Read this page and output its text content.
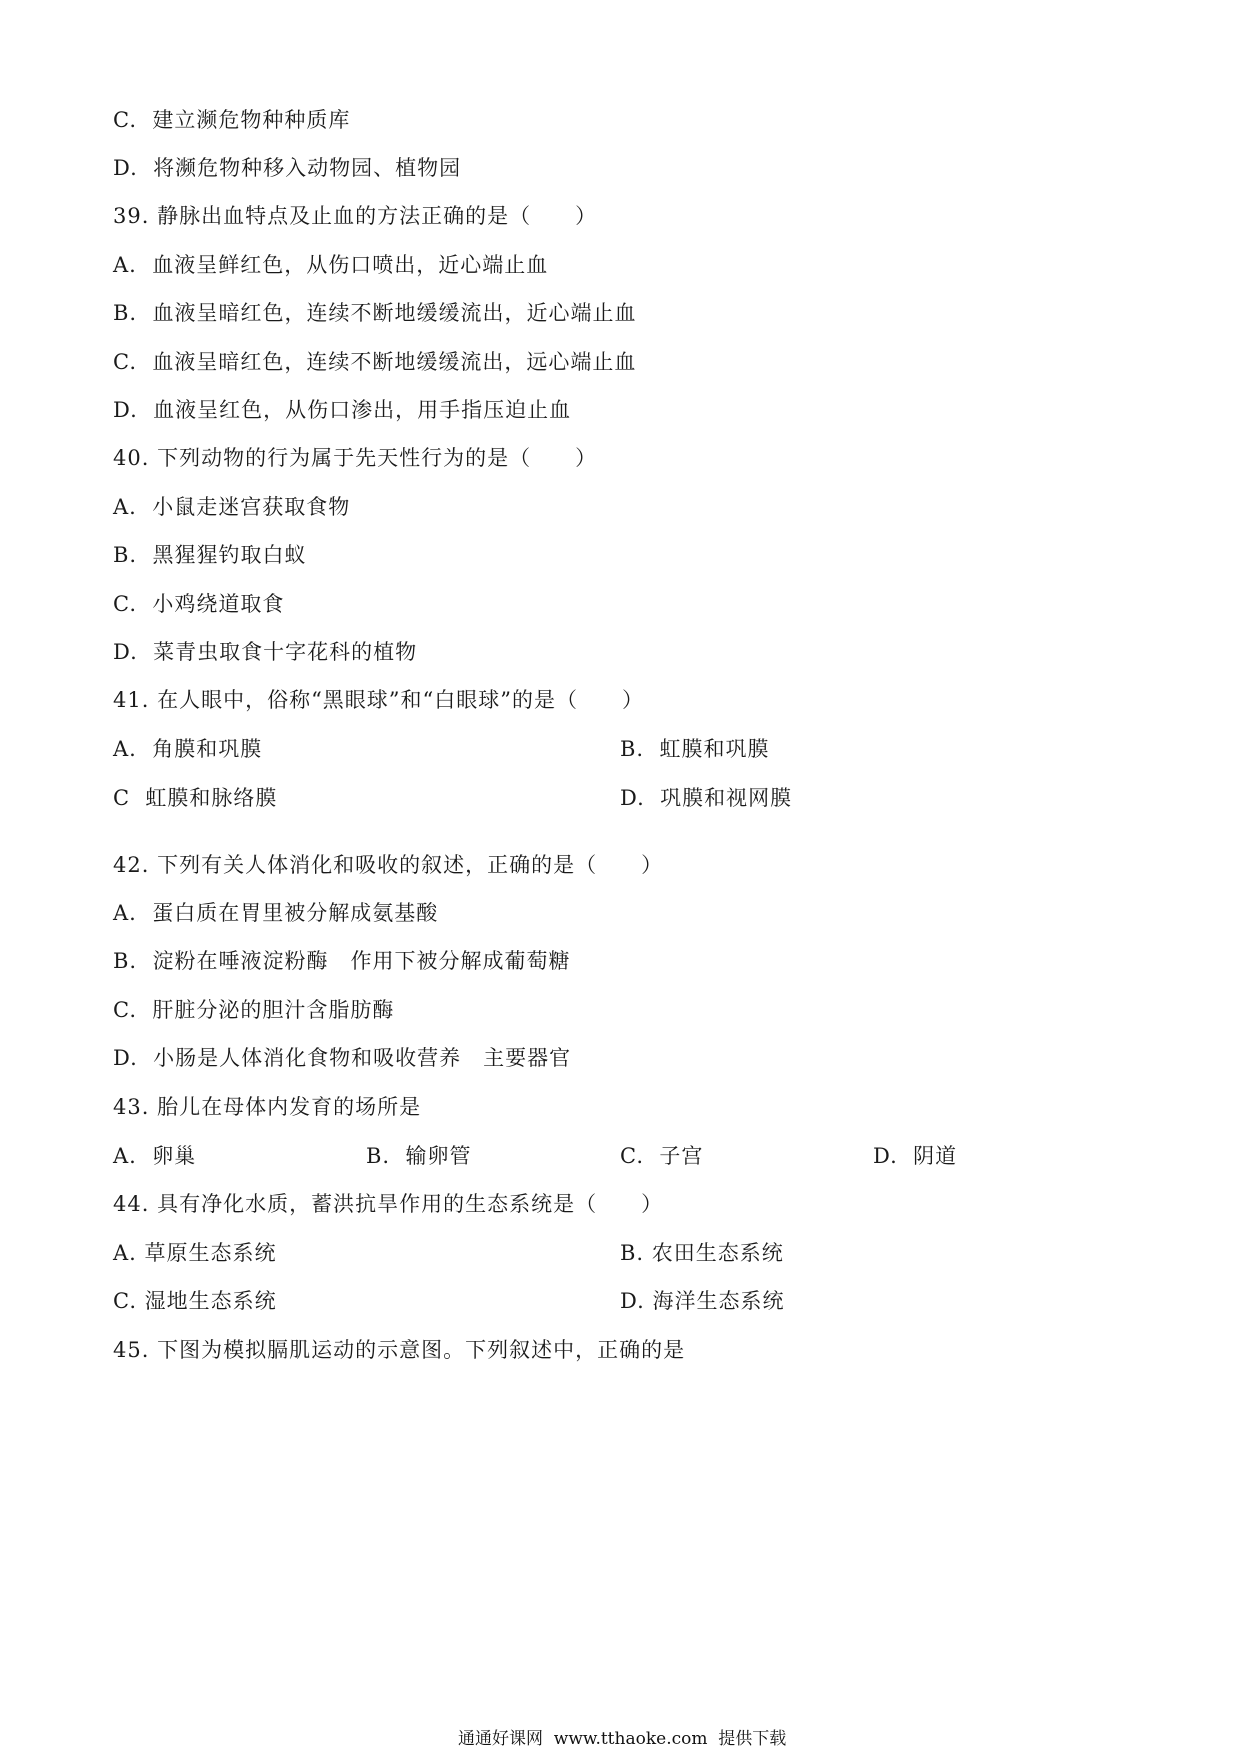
C.  建立濒危物种种质库
D.  将濒危物种移入动物园、植物园
39. 静脉出血特点及止血的方法正确的是（　　）
A.  血液呈鲜红色，从伤口喷出，近心端止血
B.  血液呈暗红色，连续不断地缓缓流出，近心端止血
C.  血液呈暗红色，连续不断地缓缓流出，远心端止血
D.  血液呈红色，从伤口渗出，用手指压迫止血
40. 下列动物的行为属于先天性行为的是（　　）
A.  小鼠走迷宫获取食物
B.  黑猩猩钓取白蚁
C.  小鸡绕道取食
D.  菜青虫取食十字花科的植物
41. 在人眼中，俗称“黑眼球”和“白眼球”的是（　　）
A.  角膜和巩膜	B.  虹膜和巩膜
C  虹膜和脉络膜	D.  巩膜和视网膜
42. 下列有关人体消化和吸收的叙述，正确的是（　　）
A.  蛋白质在胃里被分解成氨基酸
B.  淀粉在唾液淀粉酶　作用下被分解成葡萄糖
C.  肝脏分泌的胆汁含脂肪酶
D.  小肠是人体消化食物和吸收营养　主要器官
43. 胎儿在母体内发育的场所是
A.  卵巢	B.  输卵管	C.  子宫	D.  阴道
44. 具有净化水质，蓄洪抗旱作用的生态系统是（　　）
A. 草原生态系统	B. 农田生态系统
C. 湿地生态系统	D. 海洋生态系统
45. 下图为模拟膈肌运动的示意图。下列叙述中，正确的是
通通好课网  www.tthaoke.com  提供下载
